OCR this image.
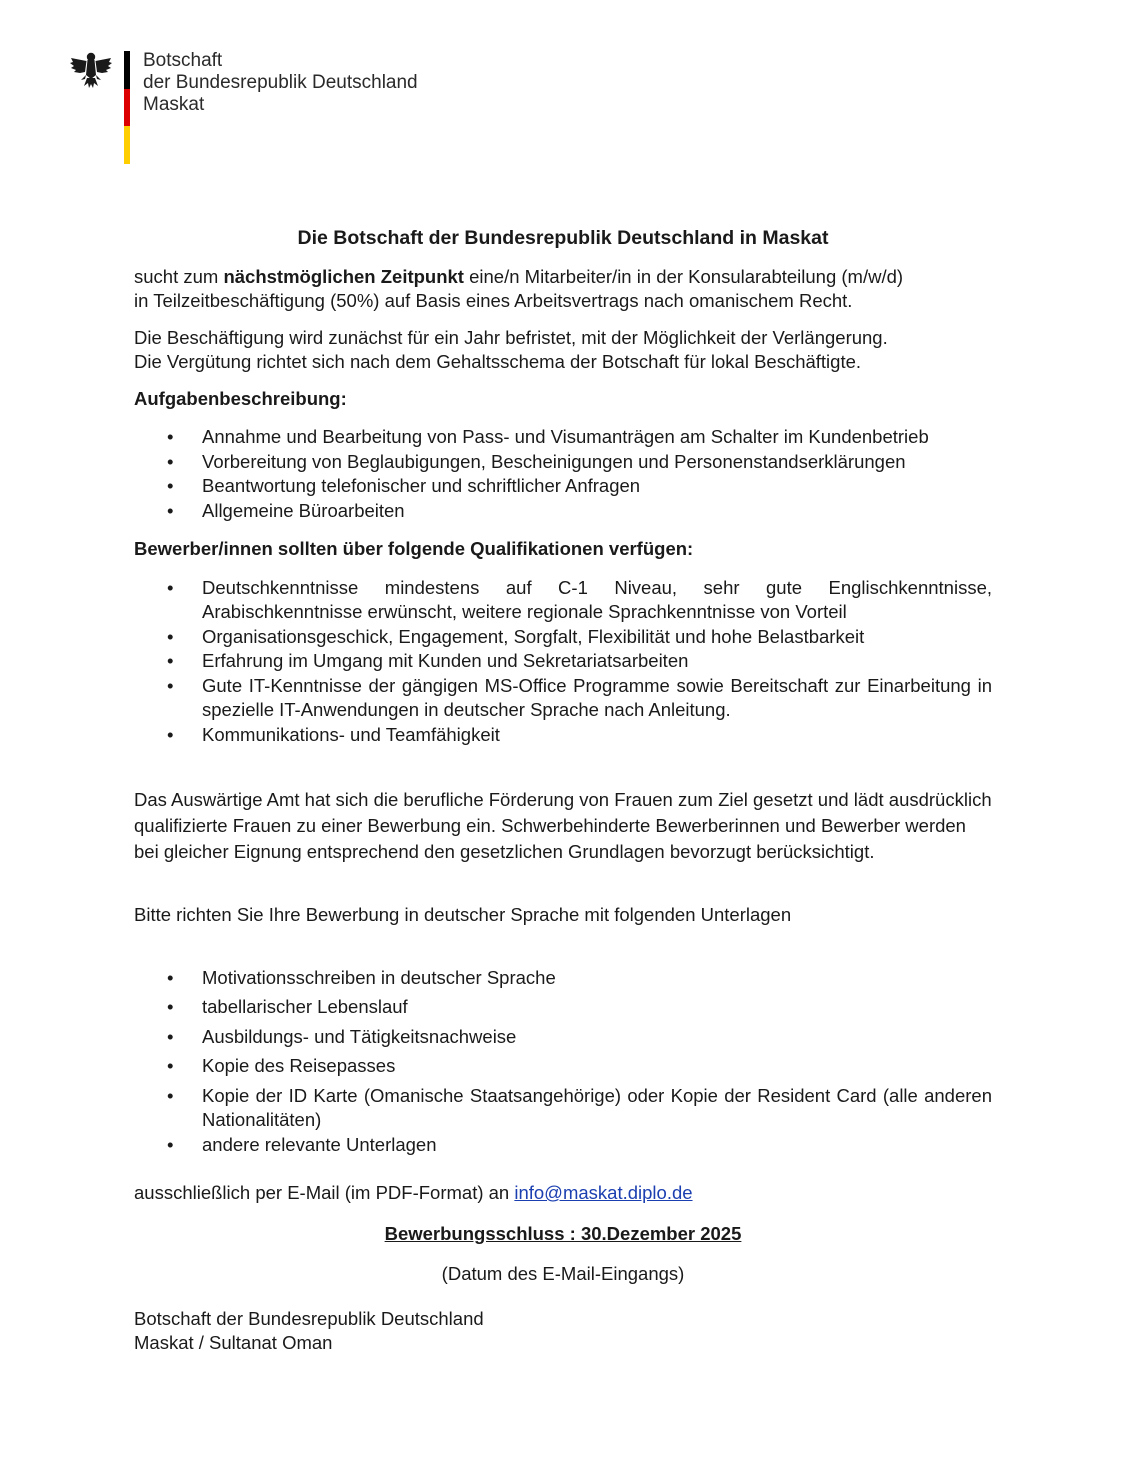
Botschaft
der Bundesrepublik Deutschland
Maskat
Die Botschaft der Bundesrepublik Deutschland in Maskat

sucht zum nächstmöglichen Zeitpunkt eine/n Mitarbeiter/in in der Konsularabteilung (m/w/d)
in Teilzeitbeschäftigung (50%) auf Basis eines Arbeitsvertrags nach omanischem Recht.

Die Beschäftigung wird zunächst für ein Jahr befristet, mit der Möglichkeit der Verlängerung.
Die Vergütung richtet sich nach dem Gehaltsschema der Botschaft für lokal Beschäftigte.

Aufgabenbeschreibung:
• Annahme und Bearbeitung von Pass- und Visumanträgen am Schalter im Kundenbetrieb
• Vorbereitung von Beglaubigungen, Bescheinigungen und Personenstandserklärungen
• Beantwortung telefonischer und schriftlicher Anfragen
• Allgemeine Büroarbeiten
Bewerber/innen sollten über folgende Qualifikationen verfügen:
• Deutschkenntnisse mindestens auf C-1 Niveau, sehr gute Englischkenntnisse, Arabischkenntnisse erwünscht, weitere regionale Sprachkenntnisse von Vorteil
• Organisationsgeschick, Engagement, Sorgfalt, Flexibilität und hohe Belastbarkeit
• Erfahrung im Umgang mit Kunden und Sekretariatsarbeiten
• Gute IT-Kenntnisse der gängigen MS-Office Programme sowie Bereitschaft zur Einarbeitung in spezielle IT-Anwendungen in deutscher Sprache nach Anleitung.
• Kommunikations- und Teamfähigkeit

Das Auswärtige Amt hat sich die berufliche Förderung von Frauen zum Ziel gesetzt und lädt ausdrücklich qualifizierte Frauen zu einer Bewerbung ein. Schwerbehinderte Bewerberinnen und Bewerber werden bei gleicher Eignung entsprechend den gesetzlichen Grundlagen bevorzugt berücksichtigt.

Bitte richten Sie Ihre Bewerbung in deutscher Sprache mit folgenden Unterlagen

• Motivationsschreiben in deutscher Sprache
• tabellarischer Lebenslauf
• Ausbildungs- und Tätigkeitsnachweise
• Kopie des Reisepasses
• Kopie der ID Karte (Omanische Staatsangehörige) oder Kopie der Resident Card (alle anderen Nationalitäten)
• andere relevante Unterlagen

ausschließlich per E-Mail (im PDF-Format) an info@maskat.diplo.de

Bewerbungsschluss : 30.Dezember 2025
(Datum des E-Mail-Eingangs)
Botschaft der Bundesrepublik Deutschland
Maskat / Sultanat Oman
